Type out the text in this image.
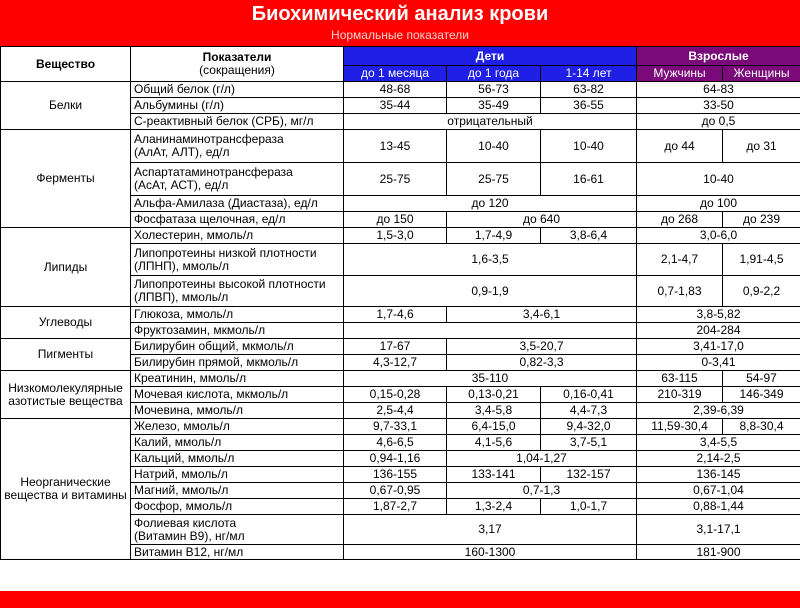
Биохимический анализ крови
Нормальные показатели
Вещество	Показатели
(сокращения)	Дети			Взрослые	
		до 1 месяца	до 1 года	1-14 лет	Мужчины	Женщины
Белки	Общий белок (г/л)	48-68	56-73	63-82	64-83	
	Альбумины (г/л)	35-44	35-49	36-55	33-50	
	С-реактивный белок (СРБ), мг/л	отрицательный			до 0,5	
Ферменты	Аланинаминотрансфераза
(АлАт, АЛТ), ед/л	13-45	10-40	10-40	до 44	до 31

	Аспартатаминотрансфераза
(АсАт, АСТ), ед/л	25-75	25-75	16-61	10-40	
	Альфа-Амилаза (Диастаза), ед/л	до 120			до 100	
	Фосфатаза щелочная, ед/л	до 150	до 640		до 268	до 239
Липиды	Холестерин, ммоль/л	1,5-3,0	1,7-4,9	3,8-6,4	3,0-6,0	

	Липопротеины низкой плотности
(ЛПНП), ммоль/л	1,6-3,5			2,1-4,7	1,91-4,5

	Липопротеины высокой плотности
(ЛПВП), ммоль/л	0,9-1,9			0,7-1,83	0,9-2,2
Углеводы	Глюкоза, ммоль/л	1,7-4,6	3,4-6,1		3,8-5,82	
	Фруктозамин, мкмоль/л				204-284	
Пигменты	Билирубин общий, мкмоль/л	17-67	3,5-20,7		3,41-17,0	
	Билирубин прямой, мкмоль/л	4,3-12,7	0,82-3,3		0-3,41	
Низкомолекулярные азотистые вещества	Креатинин, ммоль/л	35-110			63-115	54-97
	Мочевая кислота, мкмоль/л	0,15-0,28	0,13-0,21	0,16-0,41	210-319	146-349
	Мочевина, ммоль/л	2,5-4,4	3,4-5,8	4,4-7,3	2,39-6,39	
Неорганические вещества и витамины	Железо, ммоль/л	9,7-33,1	6,4-15,0	9,4-32,0	11,59-30,4	8,8-30,4
	Калий, ммоль/л	4,6-6,5	4,1-5,6	3,7-5,1	3,4-5,5	
	Кальций, ммоль/л	0,94-1,16	1,04-1,27		2,14-2,5	
	Натрий, ммоль/л	136-155	133-141	132-157	136-145	
	Магний, ммоль/л	0,67-0,95	0,7-1,3		0,67-1,04	
	Фосфор, ммоль/л	1,87-2,7	1,3-2,4	1,0-1,7	0,88-1,44	

	Фолиевая кислота
(Витамин В9), нг/мл	3,17			3,1-17,1	
	Витамин В12, нг/мл	160-1300			181-900	
